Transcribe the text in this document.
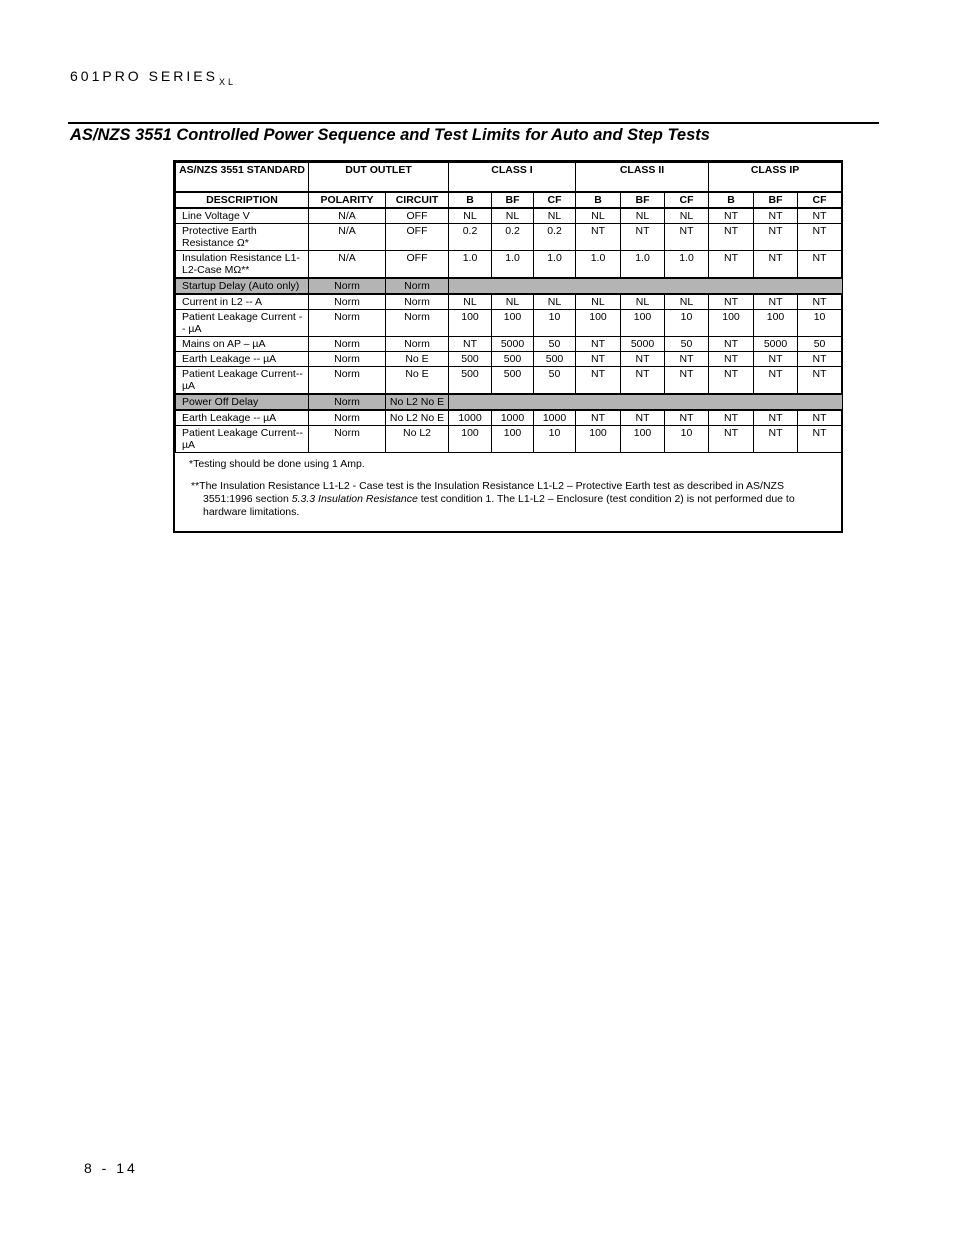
601PRO $SERIES_{XL}$
AS/NZS 3551 Controlled Power Sequence and Test Limits for Auto and Step Tests
AS/NZS 3551 STANDARD	DUT OUTLET		CLASS I			CLASS II			CLASS IP		
DESCRIPTION	POLARITY	CIRCUIT	B	BF	CF	B	BF	CF	B	BF	CF
Line Voltage V	N/A	OFF	NL	NL	NL	NL	NL	NL	NT	NT	NT
Protective Earth Resistance Ω*	N/A	OFF	0.2	0.2	0.2	NT	NT	NT	NT	NT	NT
Insulation Resistance L1-L2-Case MΩ**	N/A	OFF	1.0	1.0	1.0	1.0	1.0	1.0	NT	NT	NT
Startup Delay (Auto only)	Norm	Norm									
Current in L2 -- A	Norm	Norm	NL	NL	NL	NL	NL	NL	NT	NT	NT
Patient Leakage Current -- µA	Norm	Norm	100	100	10	100	100	10	100	100	10
Mains on AP – µA	Norm	Norm	NT	5000	50	NT	5000	50	NT	5000	50
Earth Leakage -- µA	Norm	No E	500	500	500	NT	NT	NT	NT	NT	NT
Patient Leakage Current--µA	Norm	No E	500	500	50	NT	NT	NT	NT	NT	NT
Power Off Delay	Norm	No L2 No E									
Earth Leakage -- µA	Norm	No L2 No E	1000	1000	1000	NT	NT	NT	NT	NT	NT
Patient Leakage Current--µA	Norm	No L2	100	100	10	100	100	10	NT	NT	NT

*Testing should be done using 1 Amp.

**The Insulation Resistance L1-L2 - Case test is the Insulation Resistance L1-L2 – Protective Earth test as described in AS/NZS 3551:1996 section 5.3.3 Insulation Resistance test condition 1. The L1-L2 – Enclosure (test condition 2) is not performed due to hardware limitations.

8 - 14
